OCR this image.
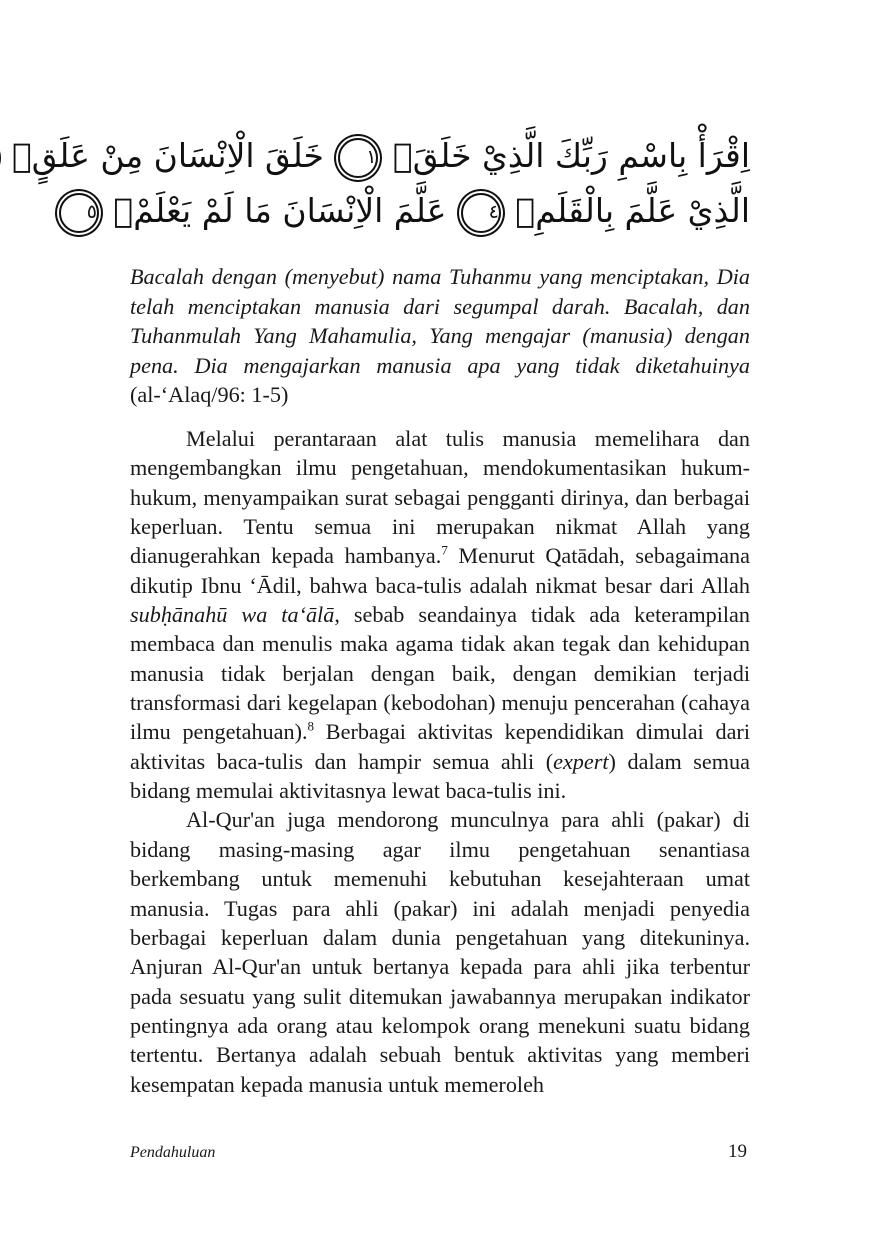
اِقْرَأْ بِاسْمِ رَبِّكَ الَّذِيْ خَلَقَۚ ١ خَلَقَ الْاِنْسَانَ مِنْ عَلَقٍۚ
الَّذِيْ عَلَّمَ بِالْقَلَمِۙ ٤ عَلَّمَ الْاِنْسَانَ مَا لَمْ يَعْلَمْۗ ٥
Bacalah dengan (menyebut) nama Tuhanmu yang menciptakan, Dia telah menciptakan manusia dari segumpal darah. Bacalah, dan Tuhanmulah Yang Mahamulia, Yang mengajar (manusia) dengan pena. Dia mengajarkan manusia apa yang tidak diketahuinya (al-‘Alaq/96: 1-5)

Melalui perantaraan alat tulis manusia memelihara dan mengembangkan ilmu pengetahuan, mendokumentasikan hukum-hukum, menyampaikan surat sebagai pengganti dirinya, dan berbagai keperluan. Tentu semua ini merupakan nikmat Allah yang dianugerahkan kepada hambanya.$^7$ Menurut Qatādah, sebagaimana dikutip Ibnu ‘Ādil, bahwa baca-tulis adalah nikmat besar dari Allah subḥānahū wa ta‘ālā, sebab seandainya tidak ada keterampilan membaca dan menulis maka agama tidak akan tegak dan kehidupan manusia tidak berjalan dengan baik, dengan demikian terjadi transformasi dari kegelapan (kebodohan) menuju pencerahan (cahaya ilmu pengetahuan).$^8$ Berbagai aktivitas kependidikan dimulai dari aktivitas baca-tulis dan hampir semua ahli (expert) dalam semua bidang memulai aktivitasnya lewat baca-tulis ini.

Al-Qur'an juga mendorong munculnya para ahli (pakar) di bidang masing-masing agar ilmu pengetahuan senantiasa berkembang untuk memenuhi kebutuhan kesejahteraan umat manusia. Tugas para ahli (pakar) ini adalah menjadi penyedia berbagai keperluan dalam dunia pengetahuan yang ditekuninya. Anjuran Al-Qur'an untuk bertanya kepada para ahli jika terbentur pada sesuatu yang sulit ditemukan jawabannya merupakan indikator pentingnya ada orang atau kelompok orang menekuni suatu bidang tertentu. Bertanya adalah sebuah bentuk aktivitas yang memberi kesempatan kepada manusia untuk memeroleh

Pendahuluan	19
